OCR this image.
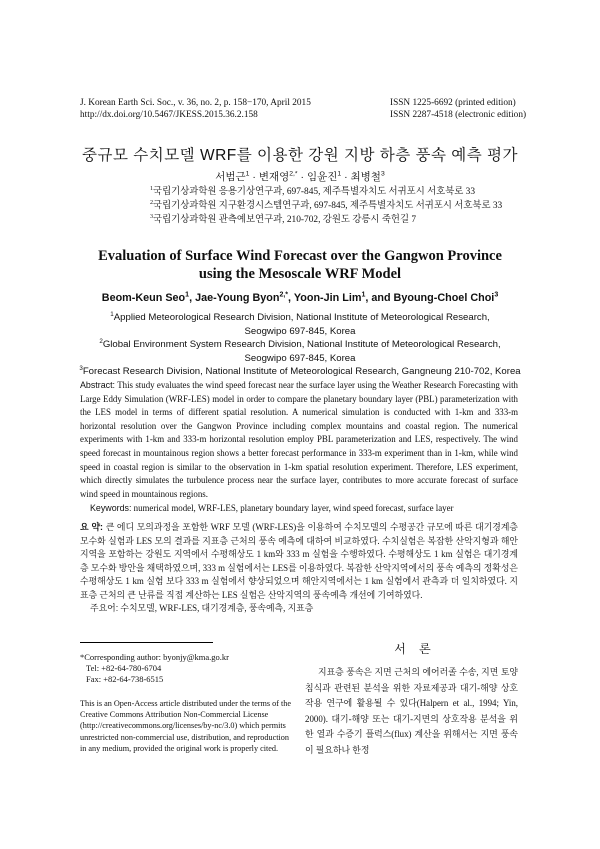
J. Korean Earth Sci. Soc., v. 36, no. 2, p. 158−170, April 2015
http://dx.doi.org/10.5467/JKESS.2015.36.2.158
ISSN 1225-6692 (printed edition)
ISSN 2287-4518 (electronic edition)
중규모 수치모델 WRF를 이용한 강원 지방 하층 풍속 예측 평가
서범근$^1$ · 변재영$^{2,*}$ · 임윤진$^1$ · 최병철$^3$
$^1$국립기상과학원 응용기상연구과, 697-845, 제주특별자치도 서귀포시 서호북로 33
$^2$국립기상과학원 지구환경시스템연구과, 697-845, 제주특별자치도 서귀포시 서호북로 33
$^3$국립기상과학원 관측예보연구과, 210-702, 강원도 강릉시 죽헌길 7
Evaluation of Surface Wind Forecast over the Gangwon Province
using the Mesoscale WRF Model
Beom-Keun Seo$^1$, Jae-Young Byon$^{2,*}$, Yoon-Jin Lim$^1$, and Byoung-Choel Choi$^3$
$^1$Applied Meteorological Research Division, National Institute of Meteorological Research,
Seogwipo 697-845, Korea
$^2$Global Environment System Research Division, National Institute of Meteorological Research,
Seogwipo 697-845, Korea
$^3$Forecast Research Division, National Institute of Meteorological Research, Gangneung 210-702, Korea
Abstract: This study evaluates the wind speed forecast near the surface layer using the Weather Research Forecasting with Large Eddy Simulation (WRF-LES) model in order to compare the planetary boundary layer (PBL) parameterization with the LES model in terms of different spatial resolution. A numerical simulation is conducted with 1-km and 333-m horizontal resolution over the Gangwon Province including complex mountains and coastal region. The numerical experiments with 1-km and 333-m horizontal resolution employ PBL parameterization and LES, respectively. The wind speed forecast in mountainous region shows a better forecast performance in 333-m experiment than in 1-km, while wind speed in coastal region is similar to the observation in 1-km spatial resolution experiment. Therefore, LES experiment, which directly simulates the turbulence process near the surface layer, contributes to more accurate forecast of surface wind speed in mountainous regions.
Keywords: numerical model, WRF-LES, planetary boundary layer, wind speed forecast, surface layer
요 약: 큰 에디 모의과정을 포함한 WRF 모델 (WRF-LES)을 이용하여 수치모델의 수평공간 규모에 따른 대기경계층 모수화 실험과 LES 모의 결과를 지표층 근처의 풍속 예측에 대하여 비교하였다. 수치실험은 복잡한 산악지형과 해안지역을 포함하는 강원도 지역에서 수평해상도 1 km와 333 m 실험을 수행하였다. 수평해상도 1 km 실험은 대기경계층 모수화 방안을 채택하였으며, 333 m 실험에서는 LES를 이용하였다. 복잡한 산악지역에서의 풍속 예측의 정확성은 수평해상도 1 km 실험 보다 333 m 실험에서 향상되었으며 해안지역에서는 1 km 실험에서 관측과 더 일치하였다. 지표층 근처의 큰 난류를 직접 계산하는 LES 실험은 산악지역의 풍속예측 개선에 기여하였다.
주요어: 수치모델, WRF-LES, 대기경계층, 풍속예측, 지표층
*Corresponding author: byonjy@kma.go.kr
Tel: +82-64-780-6704
Fax: +82-64-738-6515
This is an Open-Access article distributed under the terms of the Creative Commons Attribution Non-Commercial License (http://creativecommons.org/licenses/by-nc/3.0) which permits unrestricted non-commercial use, distribution, and reproduction in any medium, provided the original work is properly cited.
서 론
지표층 풍속은 지면 근처의 에어러졸 수송, 지면 토양 침식과 관련된 분석을 위한 자료제공과 대기-해양 상호 작용 연구에 활용될 수 있다(Halpern et al., 1994; Yin, 2000). 대기-해양 또는 대기-지면의 상호작용 분석을 위한 열과 수증기 플럭스(flux) 계산을 위해서는 지면 풍속이 필요하나 한정
